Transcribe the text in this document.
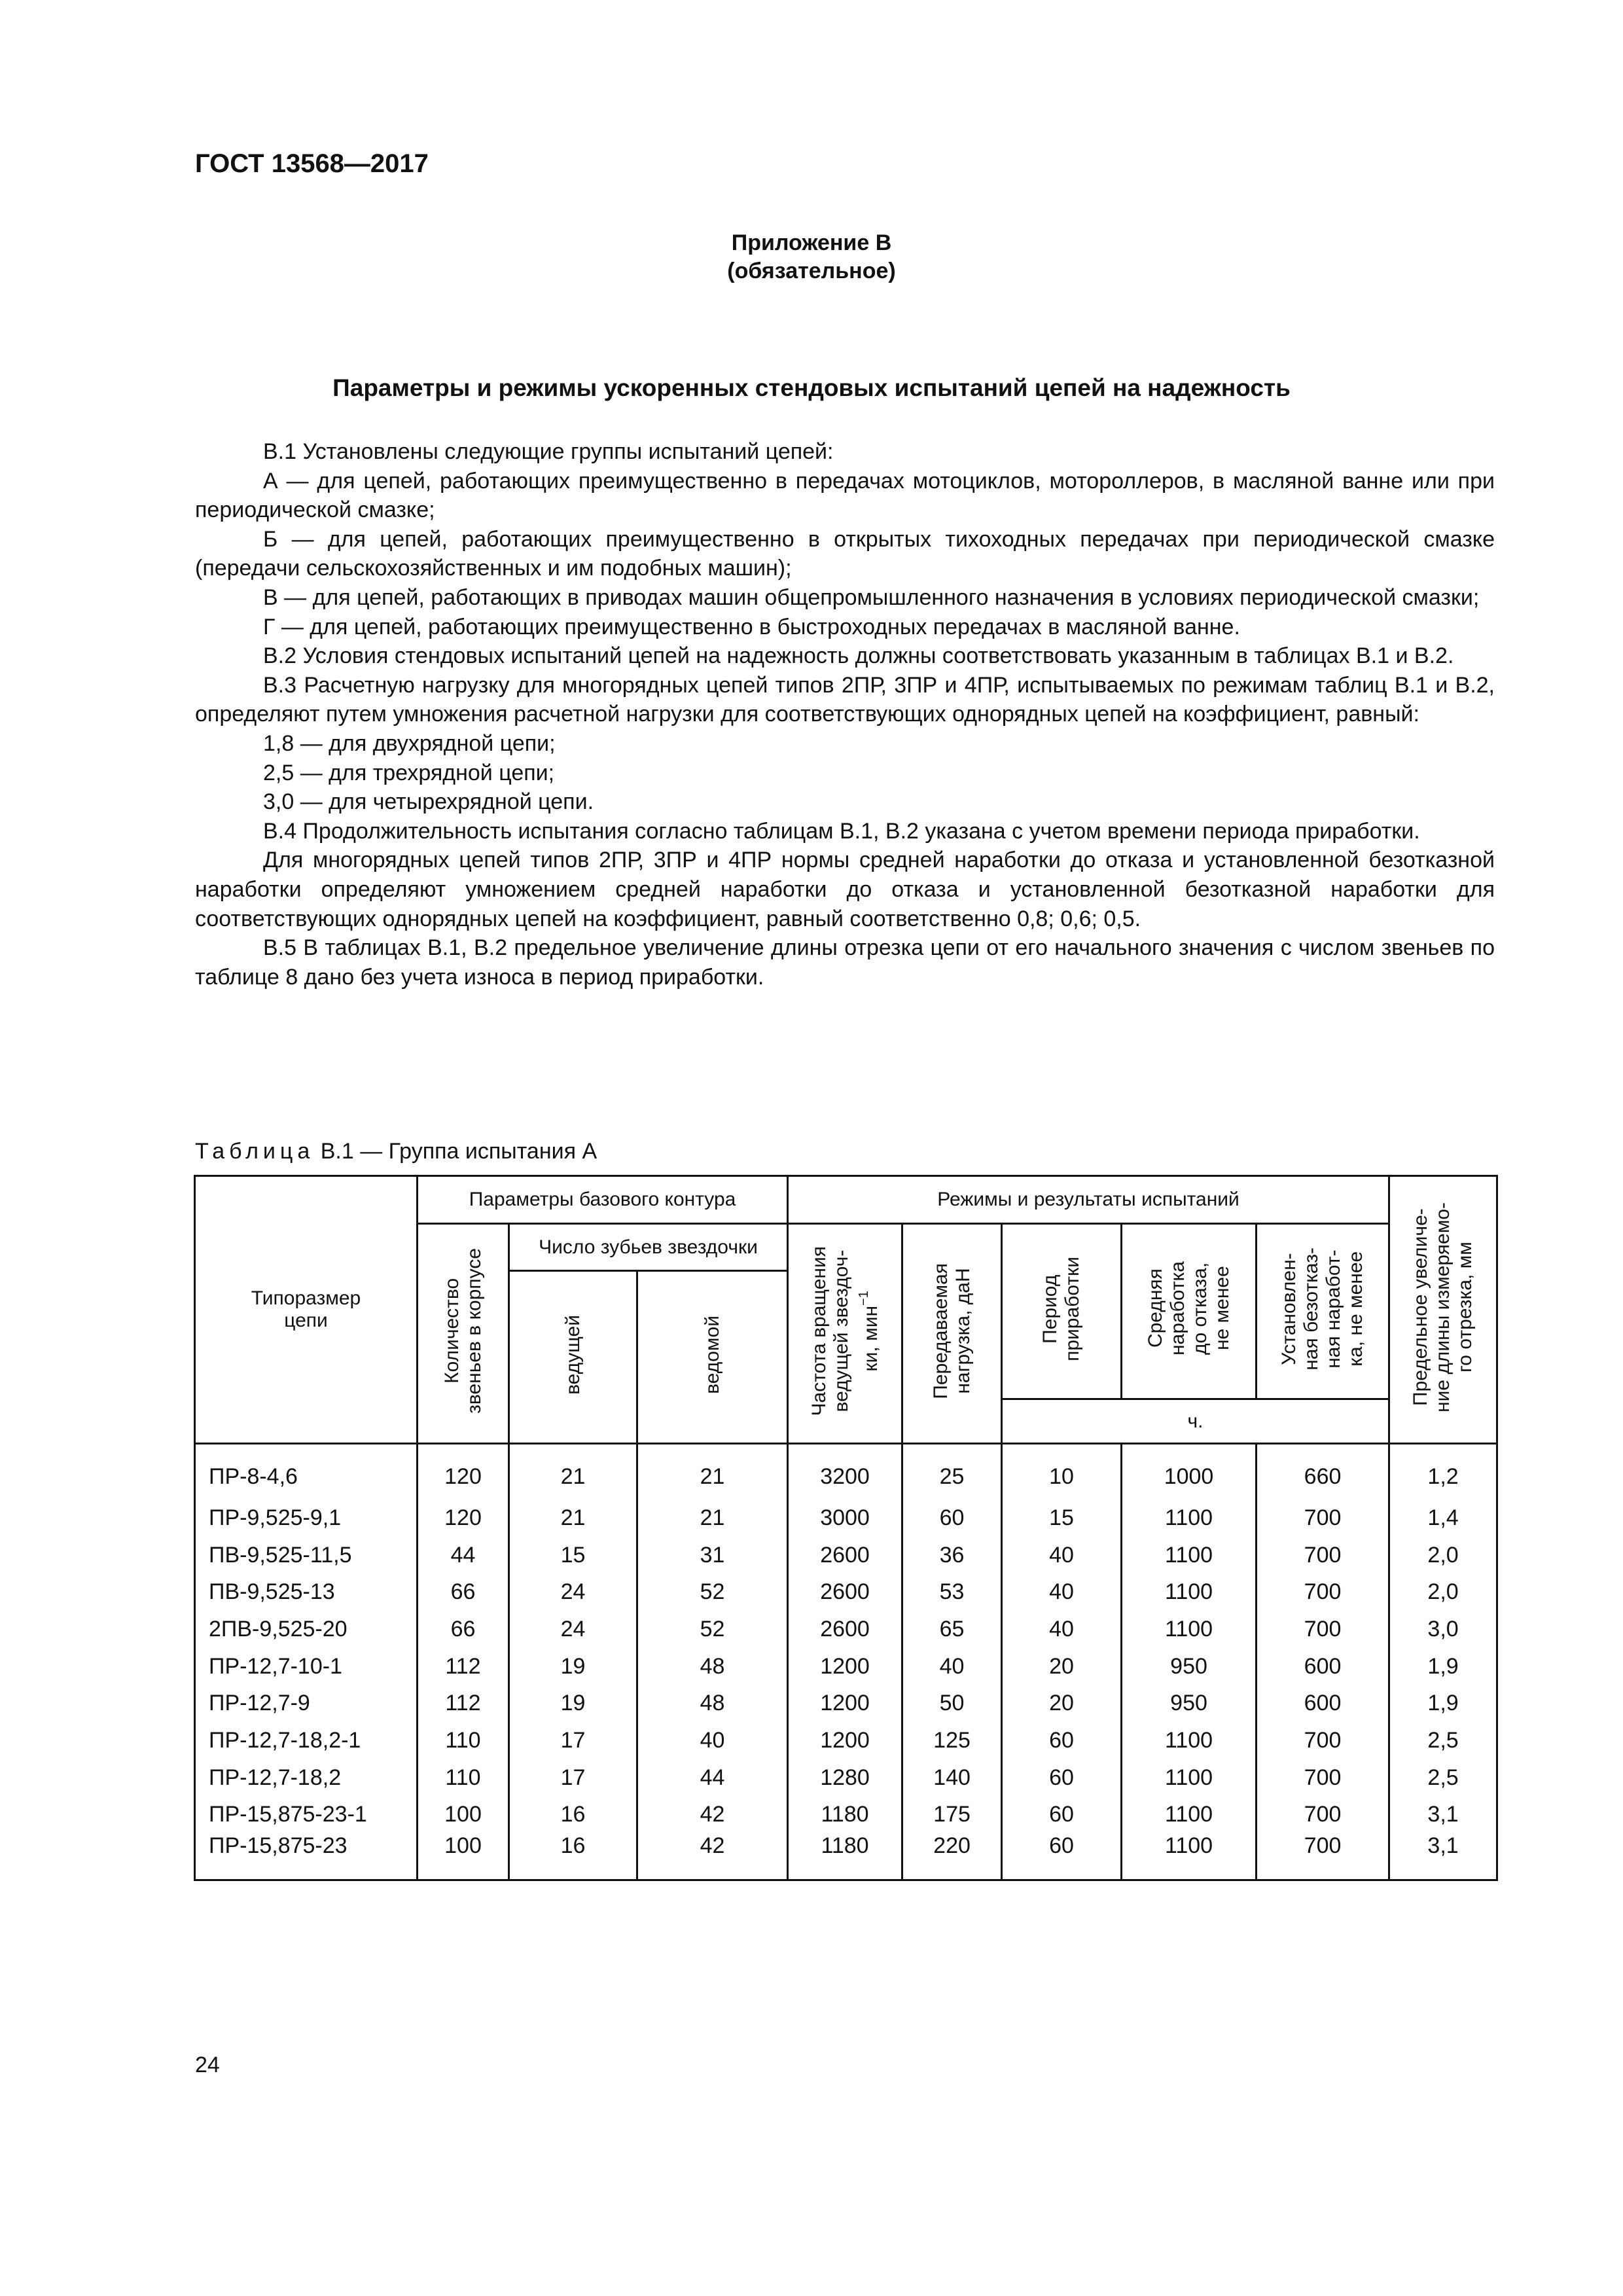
ГОСТ 13568—2017
Приложение В
(обязательное)
Параметры и режимы ускоренных стендовых испытаний цепей на надежность

В.1 Установлены следующие группы испытаний цепей:

А — для цепей, работающих преимущественно в передачах мотоциклов, мотороллеров, в масляной ванне или при периодической смазке;

Б — для цепей, работающих преимущественно в открытых тихоходных передачах при периодической смазке (передачи сельскохозяйственных и им подобных машин);

В — для цепей, работающих в приводах машин общепромышленного назначения в условиях периодической смазки;

Г — для цепей, работающих преимущественно в быстроходных передачах в масляной ванне.

В.2 Условия стендовых испытаний цепей на надежность должны соответствовать указанным в таблицах В.1 и В.2.

В.3 Расчетную нагрузку для многорядных цепей типов 2ПР, 3ПР и 4ПР, испытываемых по режимам таблиц В.1 и В.2, определяют путем умножения расчетной нагрузки для соответствующих однорядных цепей на коэффициент, равный:

1,8 — для двухрядной цепи;

2,5 — для трехрядной цепи;

3,0 — для четырехрядной цепи.

В.4 Продолжительность испытания согласно таблицам В.1, В.2 указана с учетом времени периода приработки.

Для многорядных цепей типов 2ПР, 3ПР и 4ПР нормы средней наработки до отказа и установленной безотказной наработки определяют умножением средней наработки до отказа и установленной безотказной наработки для соответствующих однорядных цепей на коэффициент, равный соответственно 0,8; 0,6; 0,5.

В.5 В таблицах В.1, В.2 предельное увеличение длины отрезка цепи от его начального значения с числом звеньев по таблице 8 дано без учета износа в период приработки.

Таблица В.1 — Группа испытания А
Типоразмер
цепи	Параметры базового контура			Режимы и результаты испытаний					Предельное увеличе-
ние длины измеряемо-
го отрезка, мм
	Количество
звеньев в корпусе	Число зубьев звездочки		Частота вращения
ведущей звездоч-
ки, мин$^{-1}$	Передаваемая
нагрузка, даН	Период
приработки	Средняя
наработка
до отказа,
не менее	Установлен-
ная безотказ-
ная наработ-
ка, не менее	
		ведущей	ведомой						
						ч.			
ПР-8-4,6	120	21	21	3200	25	10	1000	660	1,2
ПР-9,525-9,1	120	21	21	3000	60	15	1100	700	1,4
ПВ-9,525-11,5	44	15	31	2600	36	40	1100	700	2,0
ПВ-9,525-13	66	24	52	2600	53	40	1100	700	2,0
2ПВ-9,525-20	66	24	52	2600	65	40	1100	700	3,0
ПР-12,7-10-1	112	19	48	1200	40	20	950	600	1,9
ПР-12,7-9	112	19	48	1200	50	20	950	600	1,9
ПР-12,7-18,2-1	110	17	40	1200	125	60	1100	700	2,5
ПР-12,7-18,2	110	17	44	1280	140	60	1100	700	2,5
ПР-15,875-23-1	100	16	42	1180	175	60	1100	700	3,1
ПР-15,875-23	100	16	42	1180	220	60	1100	700	3,1
24
